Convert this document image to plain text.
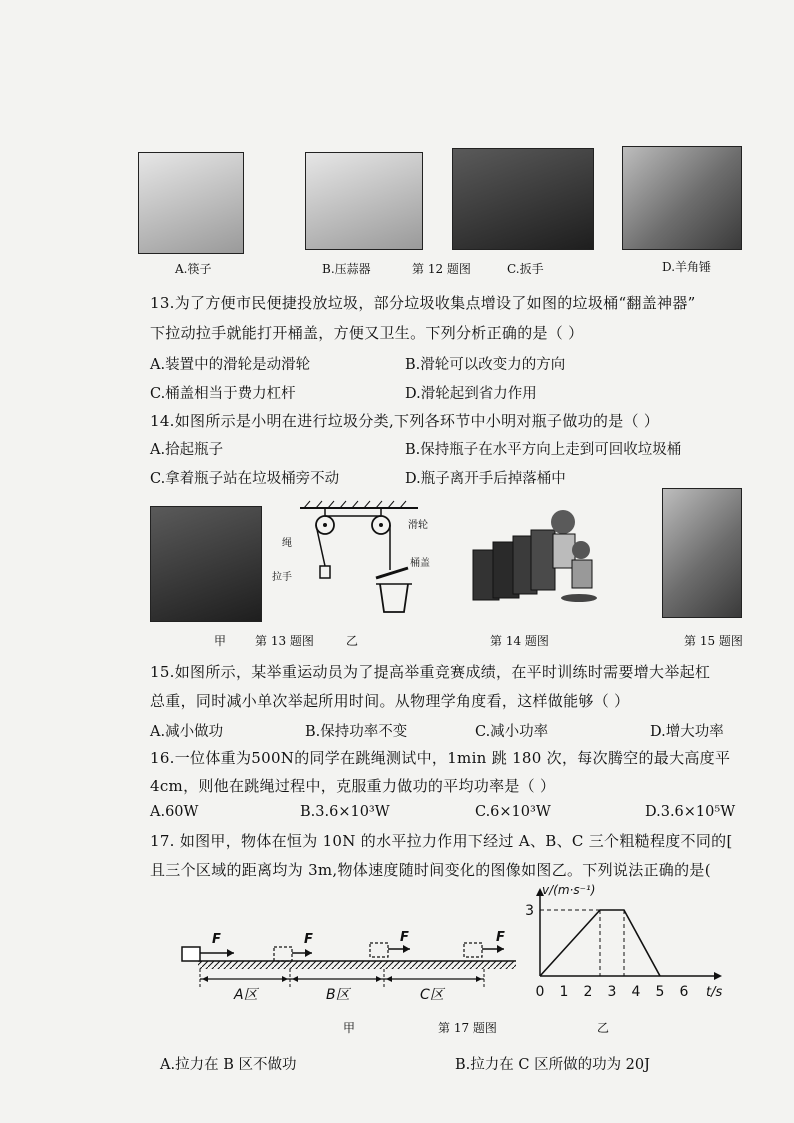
A.筷子	B.压蒜器	第 12 题图	C.扳手	D.羊角锤
13.为了方便市民便捷投放垃圾，部分垃圾收集点增设了如图的垃圾桶“翻盖神器”
下拉动拉手就能打开桶盖，方便又卫生。下列分析正确的是（ ）
A.装置中的滑轮是动滑轮	B.滑轮可以改变力的方向
C.桶盖相当于费力杠杆	D.滑轮起到省力作用
14.如图所示是小明在进行垃圾分类,下列各环节中小明对瓶子做功的是（ ）
A.拾起瓶子	B.保持瓶子在水平方向上走到可回收垃圾桶
C.拿着瓶子站在垃圾桶旁不动	D.瓶子离开手后掉落桶中
绳
滑轮
拉手
桶盖
甲 第 13 题图	乙	第 14 题图	第 15 题图
15.如图所示，某举重运动员为了提高举重竞赛成绩，在平时训练时需要增大举起杠
总重，同时减小单次举起所用时间。从物理学角度看，这样做能够（ ）
A.减小做功	B.保持功率不变	C.减小功率	D.增大功率
16.一位体重为500N的同学在跳绳测试中，1min 跳 180 次，每次腾空的最大高度平
4cm，则他在跳绳过程中，克服重力做功的平均功率是（ ）
A.60W	B.3.6×10³W	C.6×10³W	D.3.6×10⁵W
17. 如图甲，物体在恒为 10N 的水平拉力作用下经过 A、B、C 三个粗糙程度不同的[
且三个区域的距离均为 3m,物体速度随时间变化的图像如图乙。下列说法正确的是(
F	F	F	F
A区	B区	C区
v/(m·s⁻¹)
3
0 1 2 3 4 5 6 t/s
甲	第 17 题图	乙
A.拉力在 B 区不做功	B.拉力在 C 区所做的功为 20J
